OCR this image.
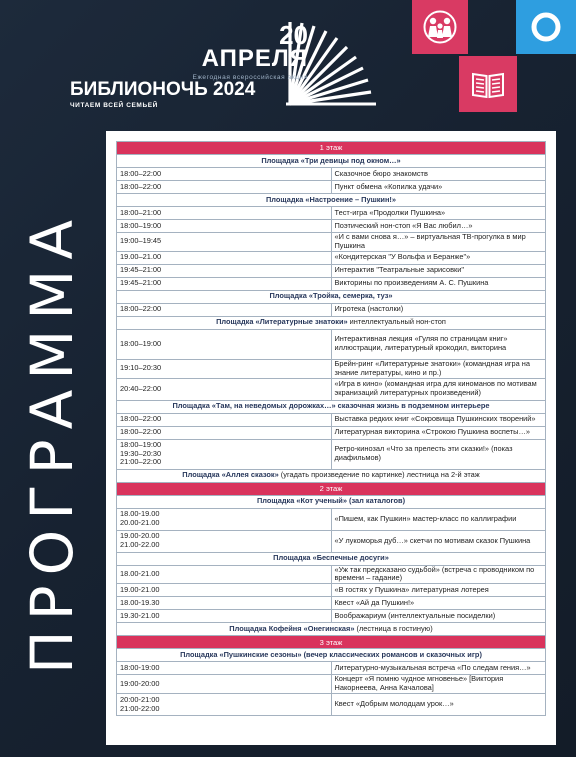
ПРОГРАММА
20
АПРЕЛЯ
Ежегодная всероссийская акция
БИБЛИОНОЧЬ 2024
ЧИТАЕМ ВСЕЙ СЕМЬЕЙ
1 этаж	
Площадка «Три девицы под окном…»	

18:00–22:00	Сказочное бюро знакомств

18:00–22:00	Пункт обмена «Копилка удачи»
Площадка «Настроение – Пушкин!»	

18:00–21:00	Тест-игра «Продолжи Пушкина»

18:00–19:00	Поэтический нон-стоп «Я Вас любил…»

19:00–19:45	«И с вами снова я…» – виртуальная ТВ-прогулка в мир Пушкина

19.00–21.00	«Кондитерская "У Вольфа и Беранже"»

19:45–21:00	Интерактив "Театральные зарисовки"

19:45–21:00	Викторины по произведениям А. С. Пушкина
Площадка «Тройка, семерка, туз»	

18:00–22:00	Игротека (настолки)
Площадка «Литературные знатоки» интеллектуальный нон-стоп	

18:00–19:00	Интерактивная лекция «Гуляя по страницам книг» иллюстрации, литературный крокодил, викторина

19:10–20:30	Брейн-ринг «Литературные знатоки» (командная игра на знание литературы, кино и пр.)

20:40–22:00	«Игра в кино» (командная игра для киноманов по мотивам экранизаций литературных произведений)
Площадка «Там, на неведомых дорожках…» сказочная жизнь в подземном интерьере	

18:00–22:00	Выставка редких книг «Сокровища Пушкинских творений»

18:00–22:00	Литературная викторина «Строкою Пушкина воспеты…»

18:00–19:00
19:30–20:30
21:00–22:00	Ретро-кинозал «Что за прелесть эти сказки!» (показ диафильмов)
Площадка «Аллея сказок» (угадать произведение по картинке) лестница на 2-й этаж	
2 этаж	
Площадка «Кот ученый» (зал каталогов)	

18.00-19.00
20.00-21.00	«Пишем, как Пушкин» мастер-класс по каллиграфии

19.00-20.00
21.00-22.00	«У лукоморья дуб…» скетчи по мотивам сказок Пушкина
Площадка «Беспечные досуги»	

18.00-21.00	«Уж так предсказано судьбой» (встреча с проводником по времени – гадание)

19.00-21.00	«В гостях у Пушкина» литературная лотерея

18.00-19.30	Квест «Ай да Пушкин!»

19.30-21.00	Воображариум (интеллектуальные посиделки)
Площадка Кофейня «Онегинская» (лестница в гостиную)	
3 этаж	
Площадка «Пушкинские сезоны» (вечер классических романсов и сказочных игр)	

18:00-19:00	Литературно-музыкальная встреча «По следам гения…»

19:00-20:00	Концерт «Я помню чудное мгновенье» [Виктория Накорнеева, Анна Качалова]

20:00-21:00
21:00-22:00	Квест «Добрым молодцам урок…»
